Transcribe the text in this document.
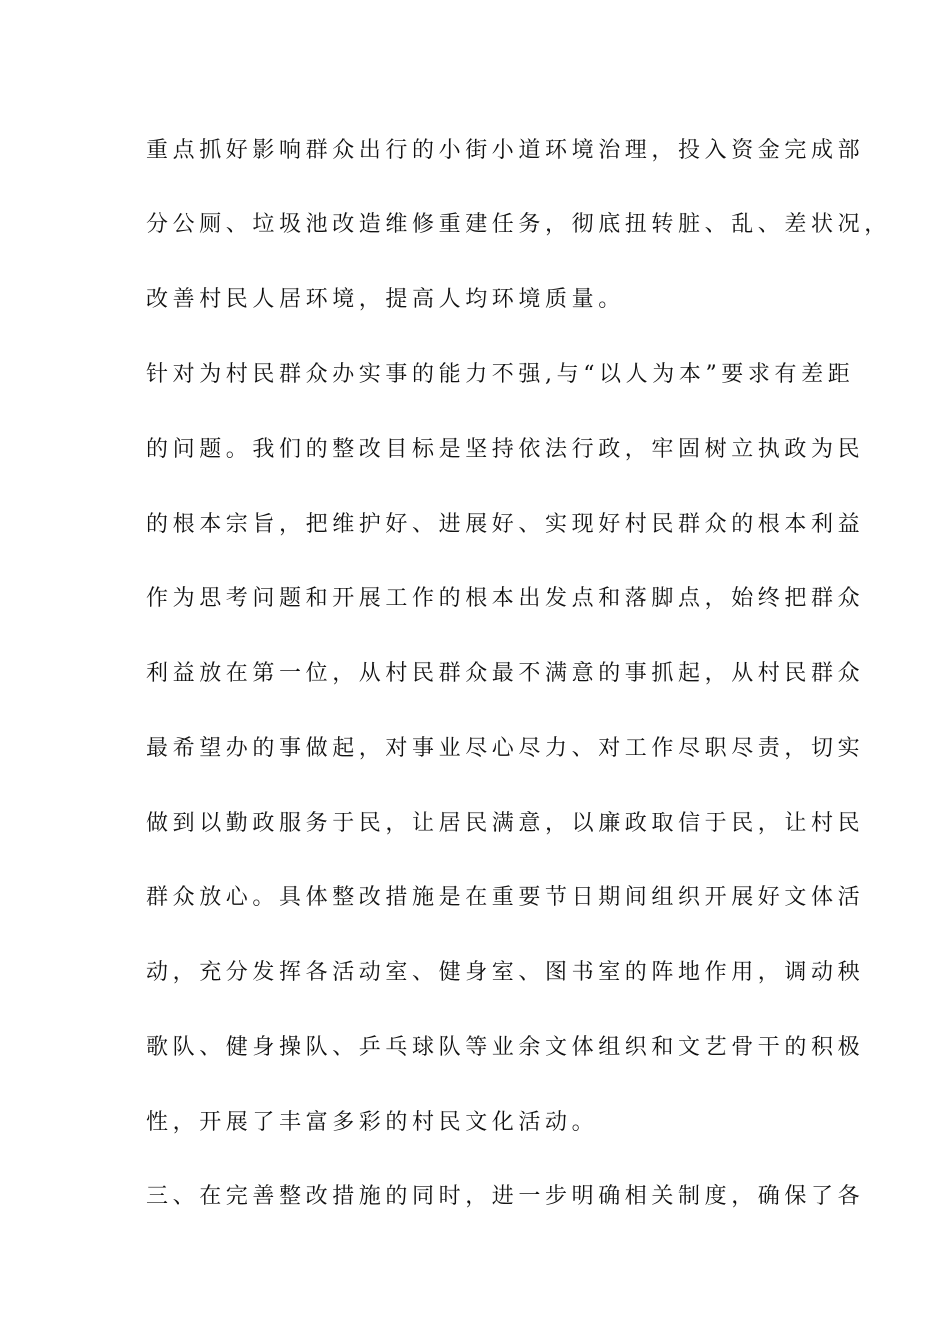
重点抓好影响群众出行的小街小道环境治理，投入资金完成部
分公厕、垃圾池改造维修重建任务，彻底扭转脏、乱、差状况，
改善村民人居环境，提高人均环境质量。
针对为村民群众办实事的能力不强,与“以人为本”要求有差距
的问题。我们的整改目标是坚持依法行政，牢固树立执政为民
的根本宗旨，把维护好、进展好、实现好村民群众的根本利益
作为思考问题和开展工作的根本出发点和落脚点，始终把群众
利益放在第一位，从村民群众最不满意的事抓起，从村民群众
最希望办的事做起，对事业尽心尽力、对工作尽职尽责，切实
做到以勤政服务于民，让居民满意，以廉政取信于民，让村民
群众放心。具体整改措施是在重要节日期间组织开展好文体活
动，充分发挥各活动室、健身室、图书室的阵地作用，调动秧
歌队、健身操队、乒乓球队等业余文体组织和文艺骨干的积极
性，开展了丰富多彩的村民文化活动。
三、在完善整改措施的同时，进一步明确相关制度，确保了各
